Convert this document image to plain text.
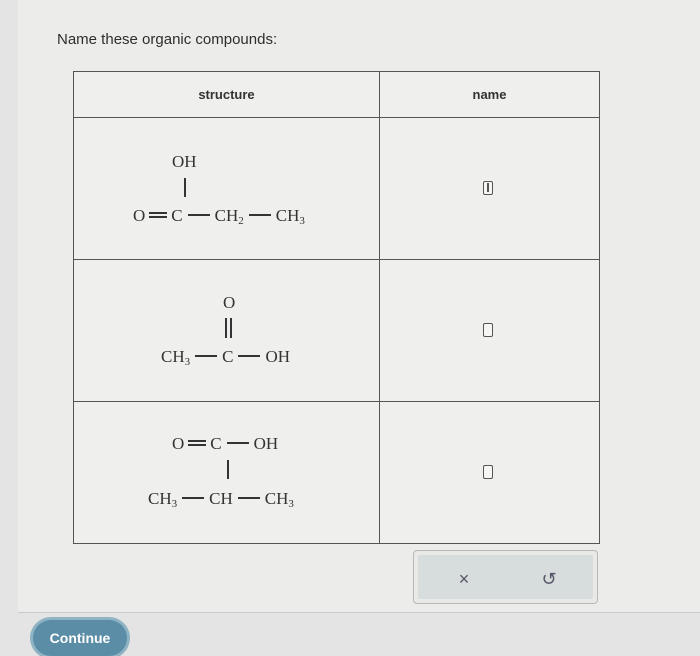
Name these organic compounds:
structure	name

OH
O C $CH_2$ $CH_3$

O
$CH_3$ C OH	

O C OH
$CH_3$ CH $CH_3$

×	↺
Continue
